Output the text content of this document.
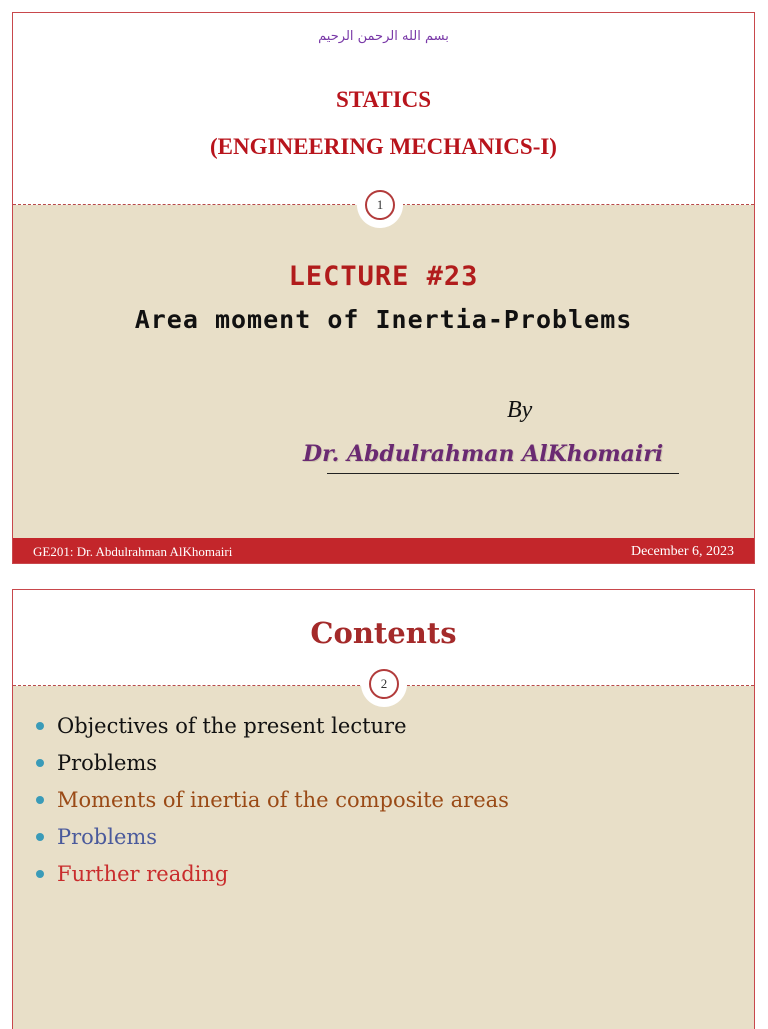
بسم الله الرحمن الرحيم
STATICS
(ENGINEERING MECHANICS-I)
1
LECTURE #23
Area moment of Inertia-Problems
By
Dr. Abdulrahman AlKhomairi
GE201: Dr. Abdulrahman AlKhomairi	December 6, 2023
Contents
2
Objectives of the present lecture
Problems
Moments of inertia of the composite areas
Problems
Further reading
